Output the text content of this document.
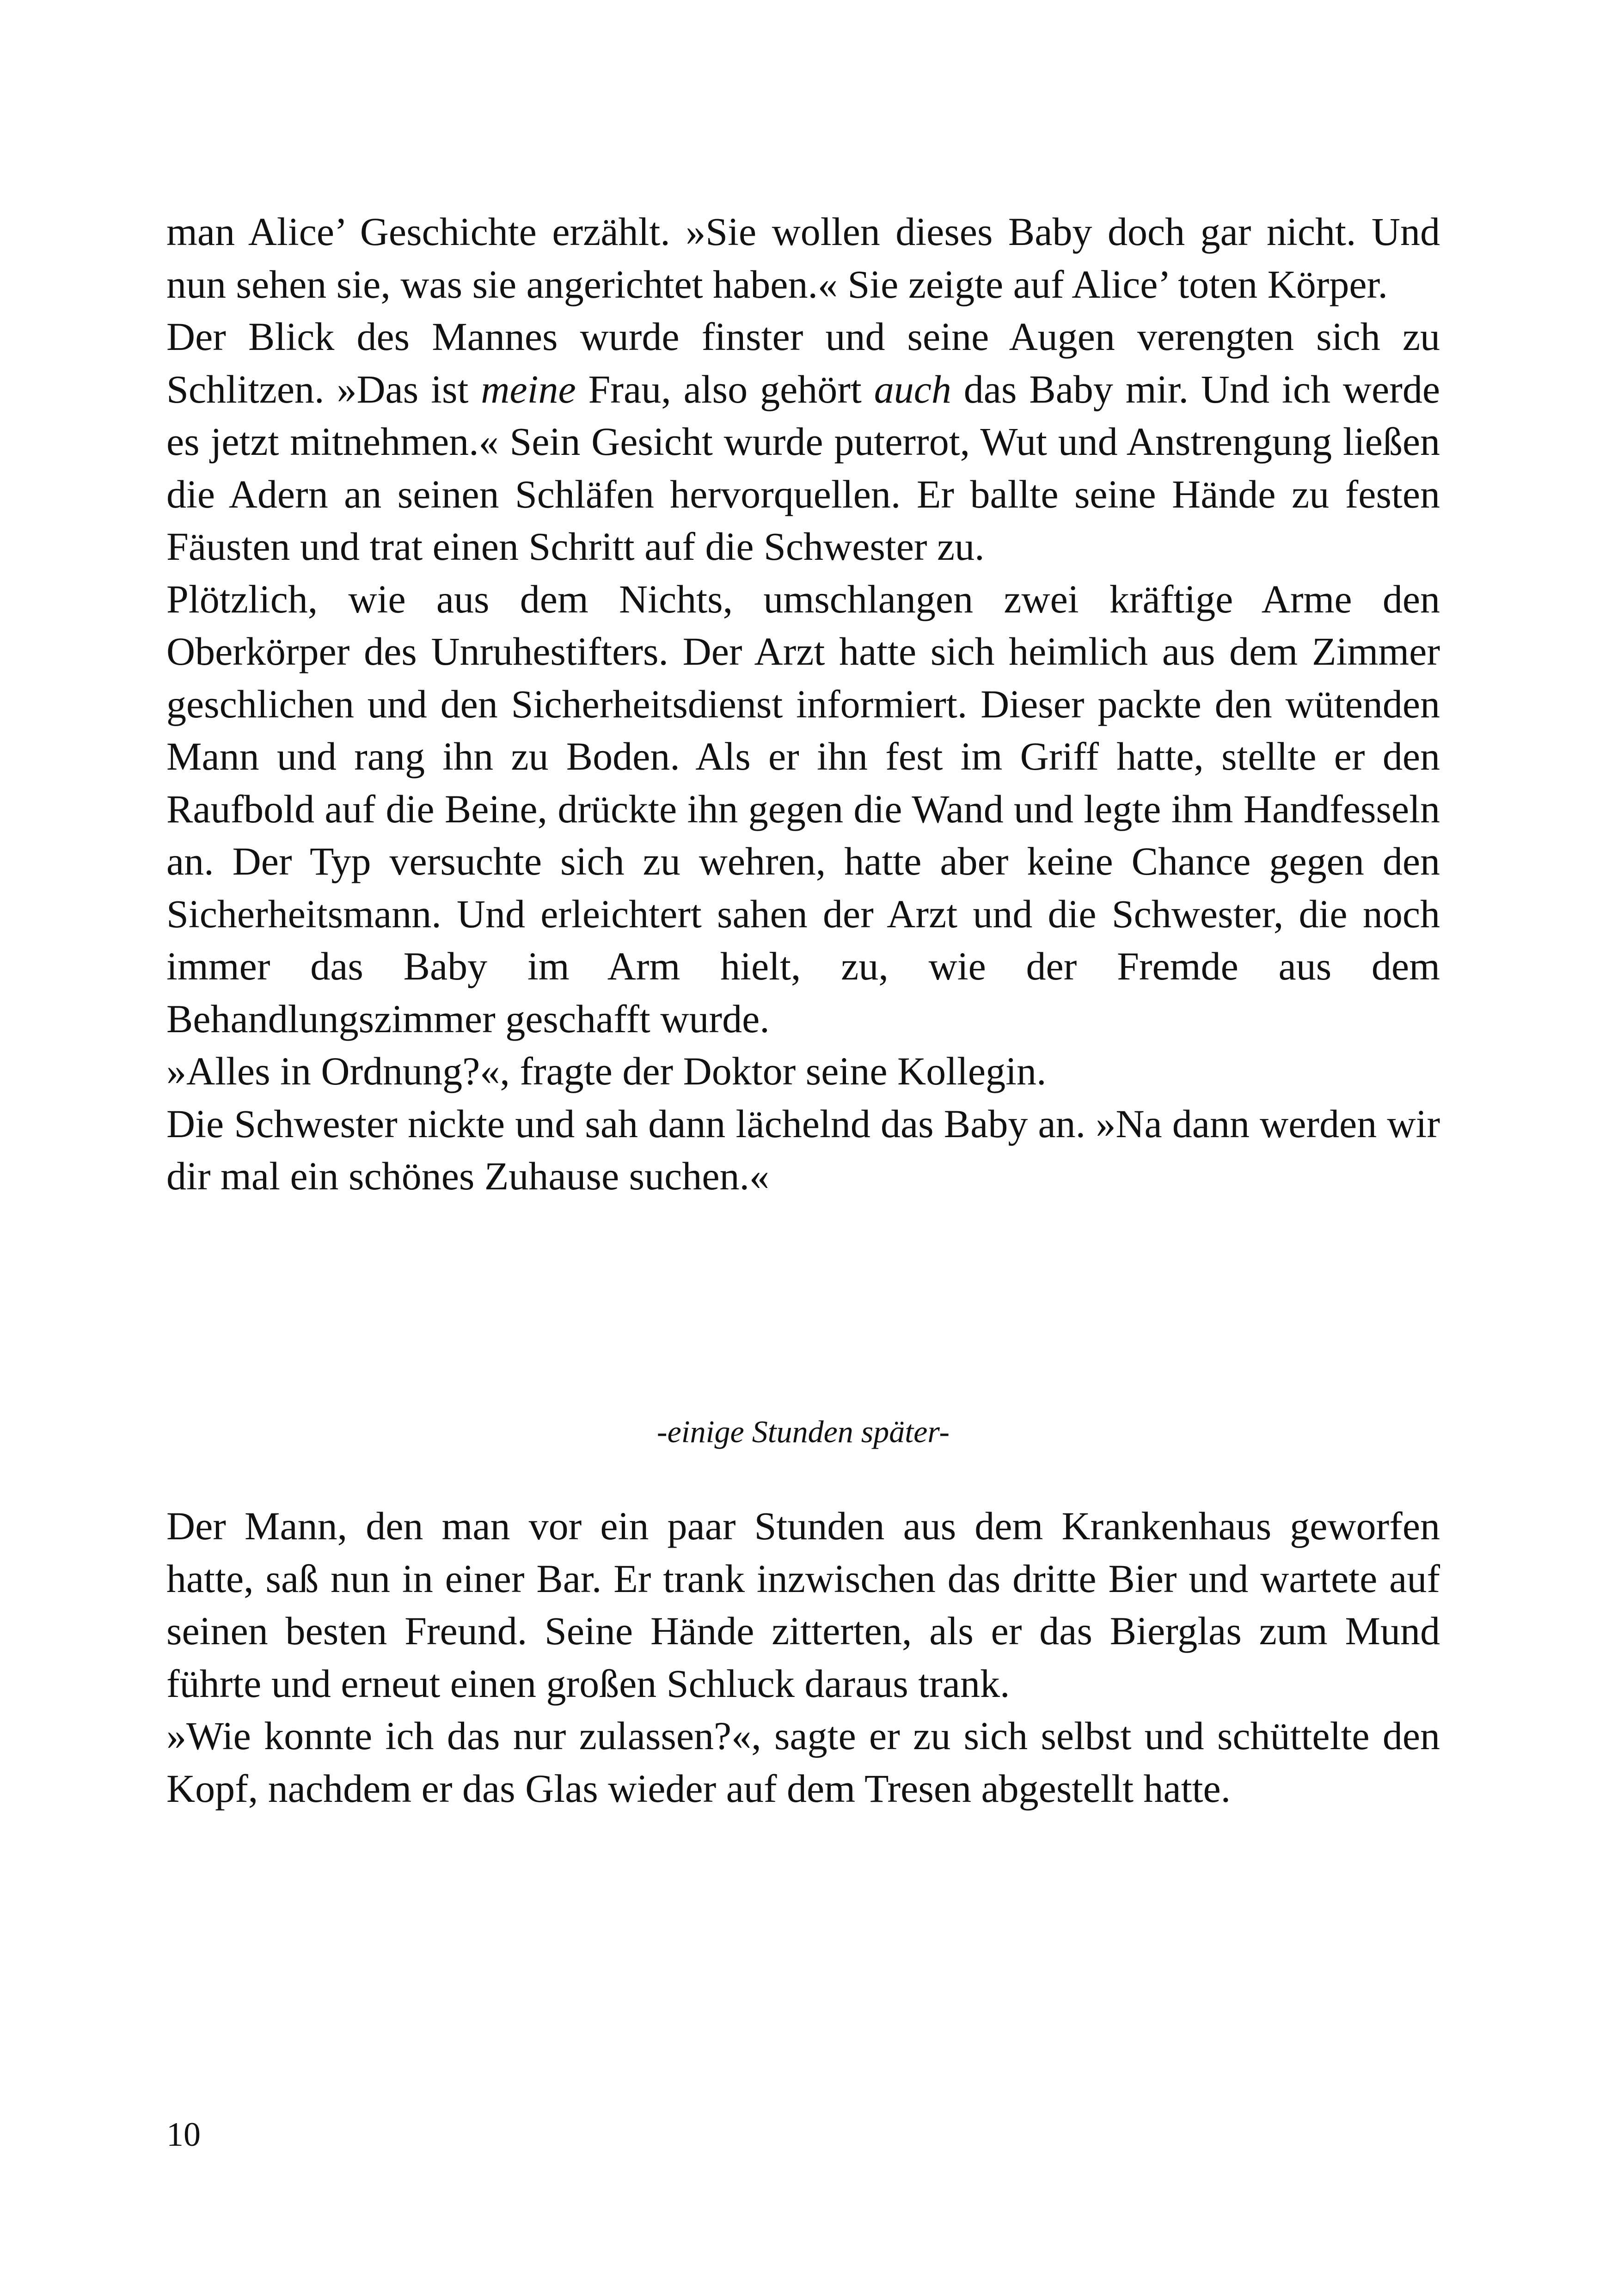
man Alice’ Geschichte erzählt. »Sie wollen dieses Baby doch gar nicht. Und nun sehen sie, was sie angerichtet haben.« Sie zeigte auf Alice’ toten Körper.

Der Blick des Mannes wurde finster und seine Augen verengten sich zu Schlitzen. »Das ist meine Frau, also gehört auch das Baby mir. Und ich werde es jetzt mitnehmen.« Sein Gesicht wurde puterrot, Wut und Anstrengung ließen die Adern an seinen Schläfen hervorquellen. Er ballte seine Hände zu festen Fäusten und trat einen Schritt auf die Schwester zu.

Plötzlich, wie aus dem Nichts, umschlangen zwei kräftige Arme den Oberkörper des Unruhestifters. Der Arzt hatte sich heimlich aus dem Zimmer geschlichen und den Sicherheitsdienst informiert. Dieser packte den wütenden Mann und rang ihn zu Boden. Als er ihn fest im Griff hatte, stellte er den Raufbold auf die Beine, drückte ihn gegen die Wand und legte ihm Handfesseln an. Der Typ versuchte sich zu wehren, hatte aber keine Chance gegen den Sicherheitsmann. Und erleichtert sahen der Arzt und die Schwester, die noch immer das Baby im Arm hielt, zu, wie der Fremde aus dem Behandlungszimmer geschafft wurde.

»Alles in Ordnung?«, fragte der Doktor seine Kollegin.

Die Schwester nickte und sah dann lächelnd das Baby an. »Na dann werden wir dir mal ein schönes Zuhause suchen.«

-einige Stunden später-

Der Mann, den man vor ein paar Stunden aus dem Krankenhaus geworfen hatte, saß nun in einer Bar. Er trank inzwischen das dritte Bier und wartete auf seinen besten Freund. Seine Hände zitterten, als er das Bierglas zum Mund führte und erneut einen großen Schluck daraus trank.

»Wie konnte ich das nur zulassen?«, sagte er zu sich selbst und schüttelte den Kopf, nachdem er das Glas wieder auf dem Tresen abgestellt hatte.

10
